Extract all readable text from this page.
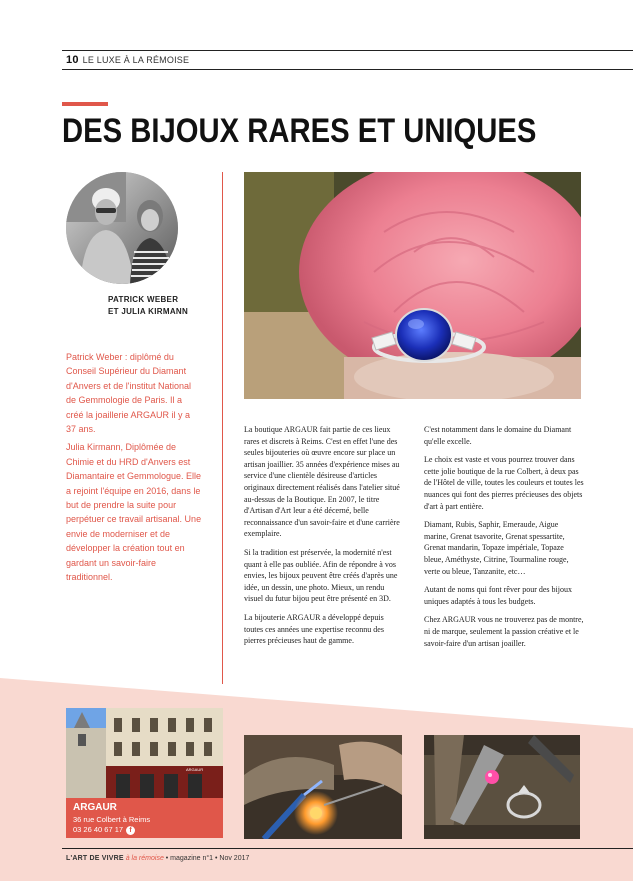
10 LE LUXE À LA RÉMOISE
DES BIJOUX RARES ET UNIQUES
PATRICK WEBER
ET JULIA KIRMANN

Patrick Weber : diplômé du Conseil Supérieur du Diamant d'Anvers et de l'institut National de Gemmologie de Paris. Il a créé la joaillerie ARGAUR il y a 37 ans.

Julia Kirmann, Diplômée de Chimie et du HRD d'Anvers est Diamantaire et Gemmologue. Elle a rejoint l'équipe en 2016, dans le but de prendre la suite pour perpétuer ce travail artisanal. Une envie de moderniser et de développer la création tout en gardant un savoir-faire traditionnel.

La boutique ARGAUR fait partie de ces lieux rares et discrets à Reims. C'est en effet l'une des seules bijouteries où œuvre encore sur place un artisan joaillier. 35 années d'expérience mises au service d'une clientèle désireuse d'articles originaux directement réalisés dans l'atelier situé au-dessus de la Boutique. En 2007, le titre d'Artisan d'Art leur a été décerné, belle reconnaissance d'un savoir-faire et d'une carrière exemplaire.

Si la tradition est préservée, la modernité n'est quant à elle pas oubliée. Afin de répondre à vos envies, les bijoux peuvent être créés d'après une idée, un dessin, une photo. Mieux, un rendu visuel du futur bijou peut être présenté en 3D.

La bijouterie ARGAUR a développé depuis toutes ces années une expertise reconnu des pierres précieuses haut de gamme.

C'est notamment dans le domaine du Diamant qu'elle excelle.

Le choix est vaste et vous pourrez trouver dans cette jolie boutique de la rue Colbert, à deux pas de l'Hôtel de ville, toutes les couleurs et toutes les nuances qui font des pierres précieuses des objets d'art à part entière.

Diamant, Rubis, Saphir, Emeraude, Aigue marine, Grenat tsavorite, Grenat spessartite, Grenat mandarin, Topaze impériale, Topaze bleue, Améthyste, Citrine, Tourmaline rouge, verte ou bleue, Tanzanite, etc…

Autant de noms qui font rêver pour des bijoux uniques adaptés à tous les budgets.

Chez ARGAUR vous ne trouverez pas de montre, ni de marque, seulement la passion créative et le savoir-faire d'un artisan joailler.

ARGAUR
ARGAUR
36 rue Colbert à Reims
03 26 40 67 17 f
L'ART DE VIVRE à la rémoise • magazine n°1 • Nov 2017
